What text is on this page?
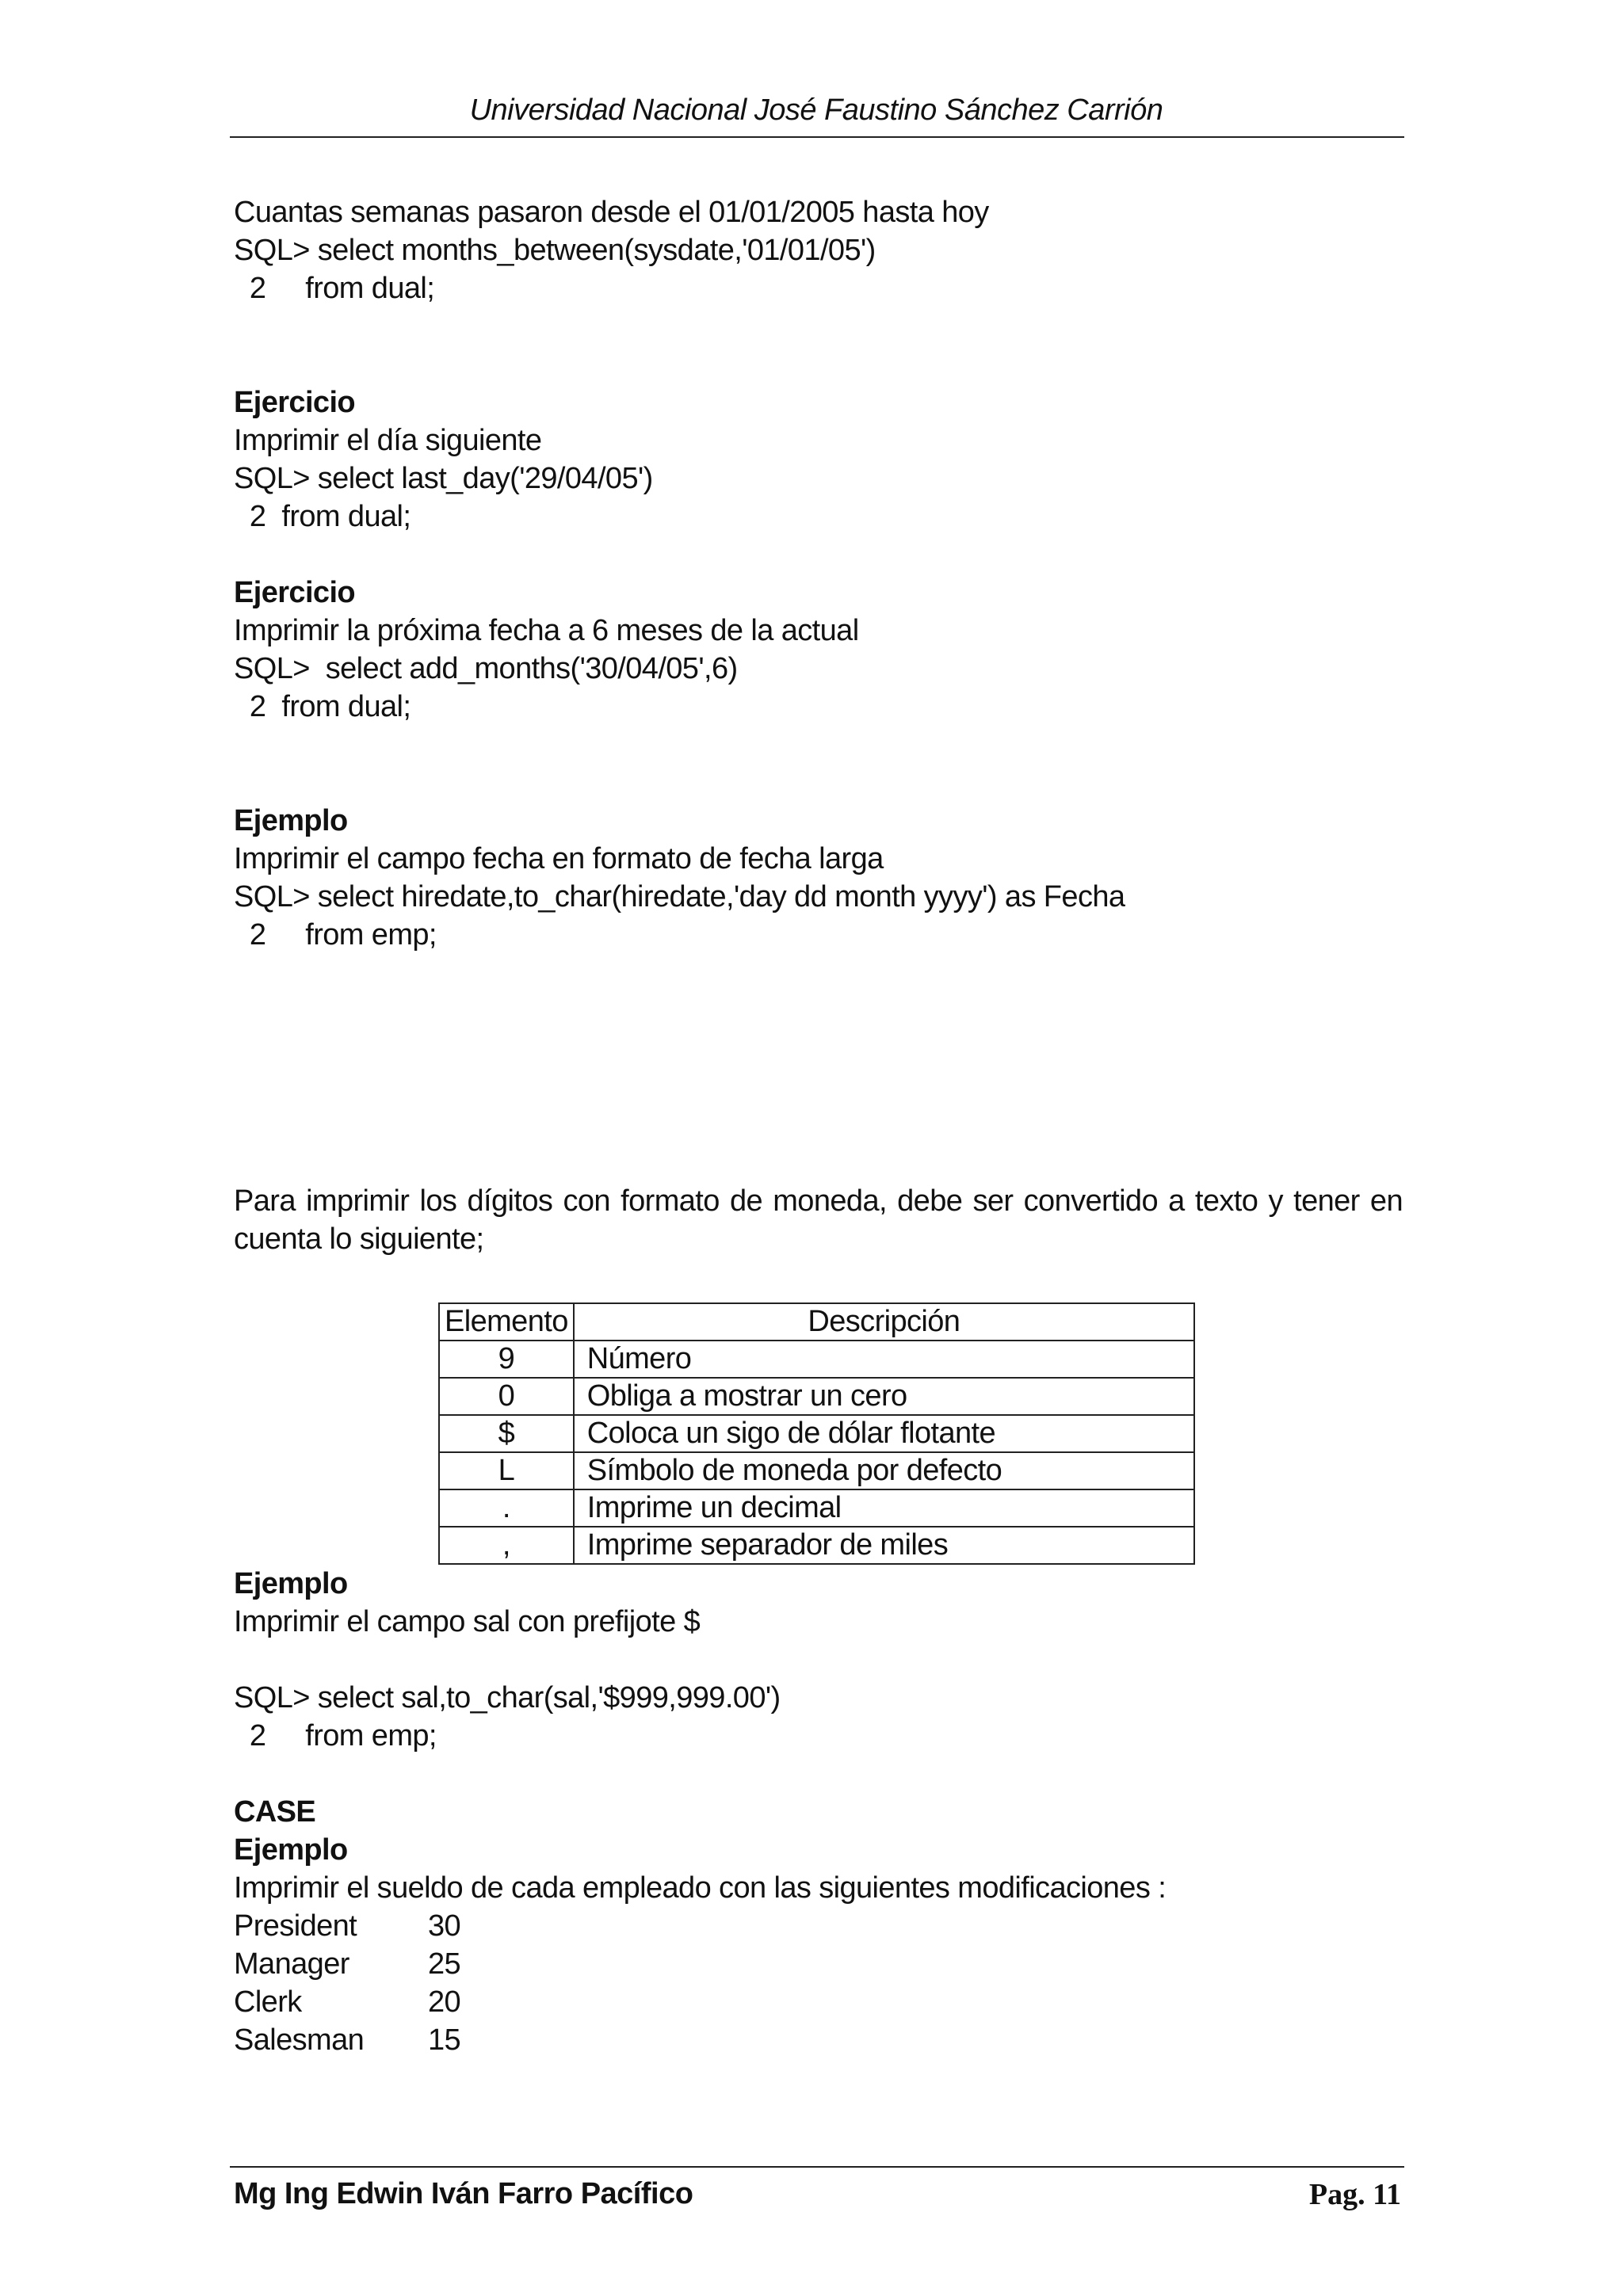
Universidad Nacional José Faustino Sánchez Carrión
Cuantas semanas pasaron desde el 01/01/2005 hasta hoy
SQL> select months_between(sysdate,'01/01/05')
2     from dual;
Ejercicio
Imprimir el día siguiente
SQL> select last_day('29/04/05')
2  from dual;
Ejercicio
Imprimir la próxima fecha a 6 meses de la actual
SQL>  select add_months('30/04/05',6)
2  from dual;
Ejemplo
Imprimir el campo fecha en formato de fecha larga
SQL> select hiredate,to_char(hiredate,'day dd month yyyy') as Fecha
2     from emp;
Para imprimir los dígitos con formato de moneda, debe ser convertido a texto y tener en cuenta lo siguiente;
Elemento	Descripción
9	Número
0	Obliga a mostrar un cero
$	Coloca un sigo de dólar flotante
L	Símbolo de moneda por defecto
.	Imprime un decimal
,	Imprime separador de miles
Ejemplo
Imprimir el campo sal con prefijote $
SQL> select sal,to_char(sal,'$999,999.00')
2     from emp;
CASE
Ejemplo
Imprimir el sueldo de cada empleado con las siguientes modificaciones :
President	30
Manager	25
Clerk	20
Salesman	15
Mg Ing Edwin Iván Farro Pacífico	Pag. 11
